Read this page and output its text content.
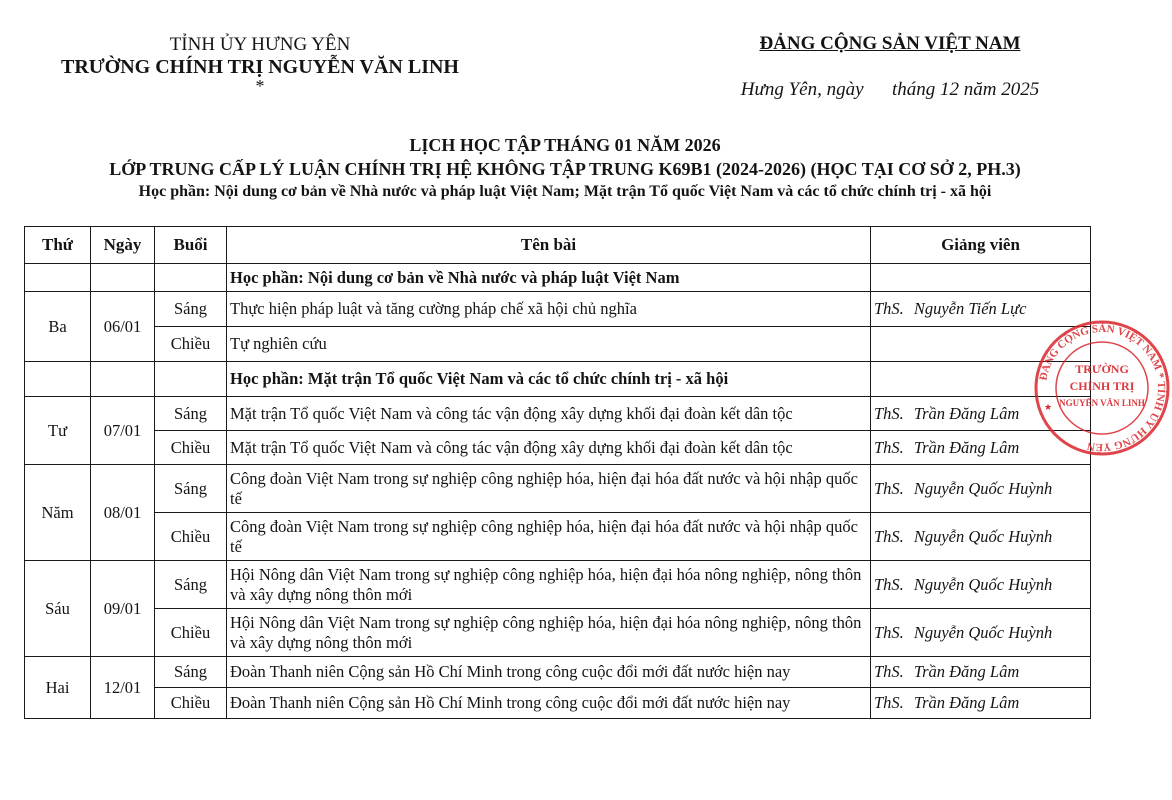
TỈNH ỦY HƯNG YÊN
TRƯỜNG CHÍNH TRỊ NGUYỄN VĂN LINH
*
ĐẢNG CỘNG SẢN VIỆT NAM
Hưng Yên, ngày      tháng 12 năm 2025
LỊCH HỌC TẬP THÁNG 01 NĂM 2026
LỚP TRUNG CẤP LÝ LUẬN CHÍNH TRỊ HỆ KHÔNG TẬP TRUNG K69B1 (2024-2026) (HỌC TẠI CƠ SỞ 2, PH.3)
Học phần: Nội dung cơ bản về Nhà nước và pháp luật Việt Nam; Mặt trận Tổ quốc Việt Nam và các tổ chức chính trị - xã hội
Thứ	Ngày	Buổi	Tên bài	Giảng viên
			Học phần: Nội dung cơ bản về Nhà nước và pháp luật Việt Nam	
Ba	06/01	Sáng	Thực hiện pháp luật và tăng cường pháp chế xã hội chủ nghĩa	ThS. Nguyễn Tiến Lực
		Chiều	Tự nghiên cứu	
			Học phần: Mặt trận Tổ quốc Việt Nam và các tổ chức chính trị - xã hội	
Tư	07/01	Sáng	Mặt trận Tổ quốc Việt Nam và công tác vận động xây dựng khối đại đoàn kết dân tộc	ThS. Trần Đăng Lâm
		Chiều	Mặt trận Tổ quốc Việt Nam và công tác vận động xây dựng khối đại đoàn kết dân tộc	ThS. Trần Đăng Lâm
Năm	08/01	Sáng	Công đoàn Việt Nam trong sự nghiệp công nghiệp hóa, hiện đại hóa đất nước và hội nhập quốc tế	ThS. Nguyễn Quốc Huỳnh
		Chiều	Công đoàn Việt Nam trong sự nghiệp công nghiệp hóa, hiện đại hóa đất nước và hội nhập quốc tế	ThS. Nguyễn Quốc Huỳnh
Sáu	09/01	Sáng	Hội Nông dân Việt Nam trong sự nghiệp công nghiệp hóa, hiện đại hóa nông nghiệp, nông thôn và xây dựng nông thôn mới	ThS. Nguyễn Quốc Huỳnh
		Chiều	Hội Nông dân Việt Nam trong sự nghiệp công nghiệp hóa, hiện đại hóa nông nghiệp, nông thôn và xây dựng nông thôn mới	ThS. Nguyễn Quốc Huỳnh
Hai	12/01	Sáng	Đoàn Thanh niên Cộng sản Hồ Chí Minh trong công cuộc đổi mới đất nước hiện nay	ThS. Trần Đăng Lâm
		Chiều	Đoàn Thanh niên Cộng sản Hồ Chí Minh trong công cuộc đổi mới đất nước hiện nay	ThS. Trần Đăng Lâm
ĐẢNG CỘNG SẢN VIỆT NAM * TỈNH ỦY HƯNG YÊN
TRƯỜNG
CHÍNH TRỊ
NGUYỄN VĂN LINH
★
